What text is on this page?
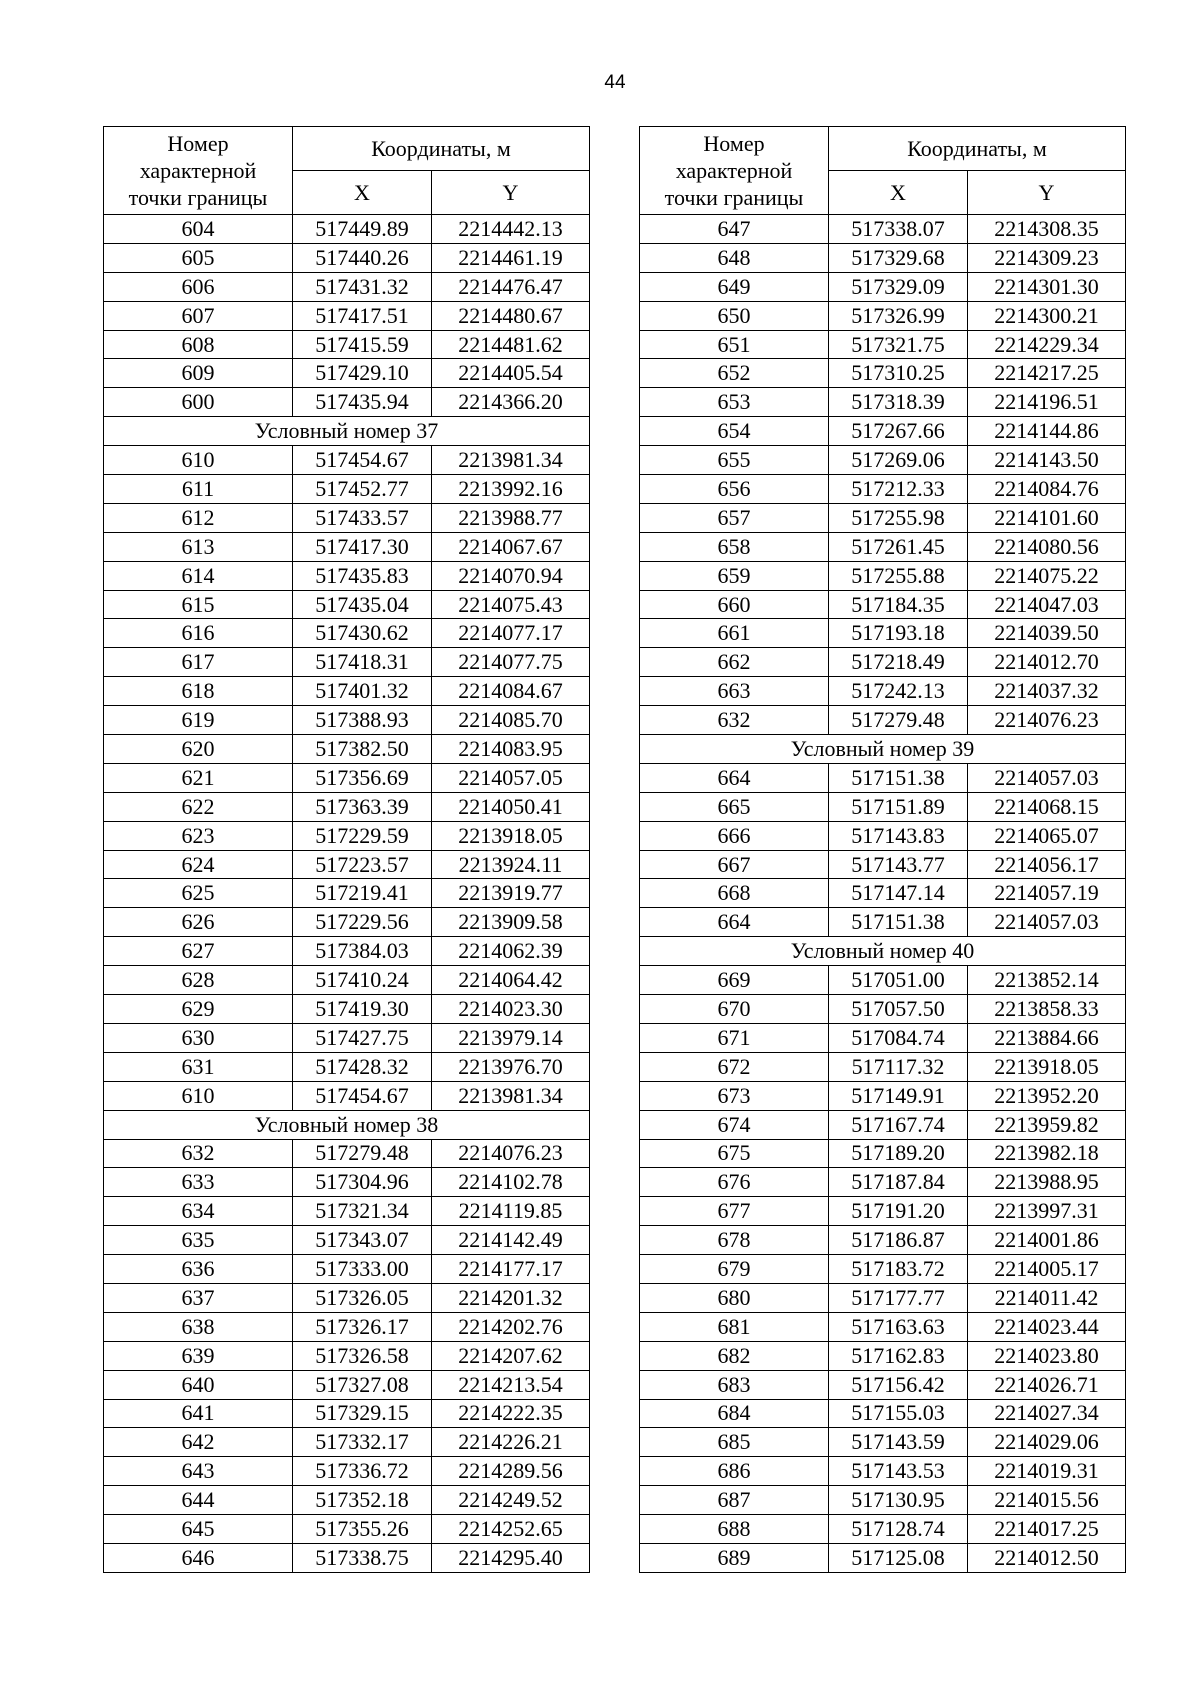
44
Номер
характерной
точки границы	Координаты, м	
	X	Y
604	517449.89	2214442.13
605	517440.26	2214461.19
606	517431.32	2214476.47
607	517417.51	2214480.67
608	517415.59	2214481.62
609	517429.10	2214405.54
600	517435.94	2214366.20
Условный номер 37		
610	517454.67	2213981.34
611	517452.77	2213992.16
612	517433.57	2213988.77
613	517417.30	2214067.67
614	517435.83	2214070.94
615	517435.04	2214075.43
616	517430.62	2214077.17
617	517418.31	2214077.75
618	517401.32	2214084.67
619	517388.93	2214085.70
620	517382.50	2214083.95
621	517356.69	2214057.05
622	517363.39	2214050.41
623	517229.59	2213918.05
624	517223.57	2213924.11
625	517219.41	2213919.77
626	517229.56	2213909.58
627	517384.03	2214062.39
628	517410.24	2214064.42
629	517419.30	2214023.30
630	517427.75	2213979.14
631	517428.32	2213976.70
610	517454.67	2213981.34
Условный номер 38		
632	517279.48	2214076.23
633	517304.96	2214102.78
634	517321.34	2214119.85
635	517343.07	2214142.49
636	517333.00	2214177.17
637	517326.05	2214201.32
638	517326.17	2214202.76
639	517326.58	2214207.62
640	517327.08	2214213.54
641	517329.15	2214222.35
642	517332.17	2214226.21
643	517336.72	2214289.56
644	517352.18	2214249.52
645	517355.26	2214252.65
646	517338.75	2214295.40
Номер
характерной
точки границы	Координаты, м	
	X	Y
647	517338.07	2214308.35
648	517329.68	2214309.23
649	517329.09	2214301.30
650	517326.99	2214300.21
651	517321.75	2214229.34
652	517310.25	2214217.25
653	517318.39	2214196.51
654	517267.66	2214144.86
655	517269.06	2214143.50
656	517212.33	2214084.76
657	517255.98	2214101.60
658	517261.45	2214080.56
659	517255.88	2214075.22
660	517184.35	2214047.03
661	517193.18	2214039.50
662	517218.49	2214012.70
663	517242.13	2214037.32
632	517279.48	2214076.23
Условный номер 39		
664	517151.38	2214057.03
665	517151.89	2214068.15
666	517143.83	2214065.07
667	517143.77	2214056.17
668	517147.14	2214057.19
664	517151.38	2214057.03
Условный номер 40		
669	517051.00	2213852.14
670	517057.50	2213858.33
671	517084.74	2213884.66
672	517117.32	2213918.05
673	517149.91	2213952.20
674	517167.74	2213959.82
675	517189.20	2213982.18
676	517187.84	2213988.95
677	517191.20	2213997.31
678	517186.87	2214001.86
679	517183.72	2214005.17
680	517177.77	2214011.42
681	517163.63	2214023.44
682	517162.83	2214023.80
683	517156.42	2214026.71
684	517155.03	2214027.34
685	517143.59	2214029.06
686	517143.53	2214019.31
687	517130.95	2214015.56
688	517128.74	2214017.25
689	517125.08	2214012.50
